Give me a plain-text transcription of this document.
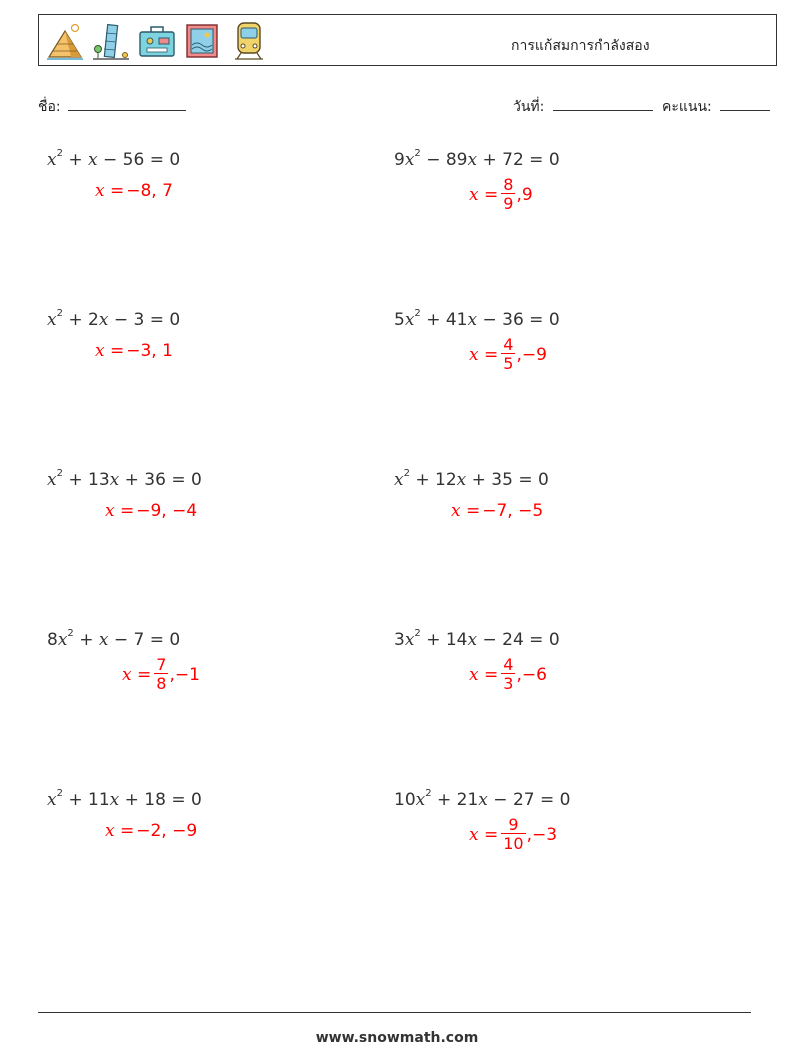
การแก้สมการกำลังสอง
ชื่อ:	วันที่:	คะแนน:
$x^2 + x - 56 = 0$
x = −8, 7
$9x^2 - 89x + 72 = 0$
$x = \frac{8}{9} ,9$
$x^2 + 2x - 3 = 0$
x = −3, 1
$5x^2 + 41x - 36 = 0$
$x = \frac{4}{5} ,-9$
$x^2 + 13x + 36 = 0$
x = −9, −4
$x^2 + 12x + 35 = 0$
x = −7, −5
$8x^2 + x - 7 = 0$
$x = \frac{7}{8} ,-1$
$3x^2 + 14x - 24 = 0$
$x = \frac{4}{3} ,-6$
$x^2 + 11x + 18 = 0$
x = −2, −9
$10x^2 + 21x - 27 = 0$
$x = \frac{9}{10} ,-3$
www.snowmath.com
